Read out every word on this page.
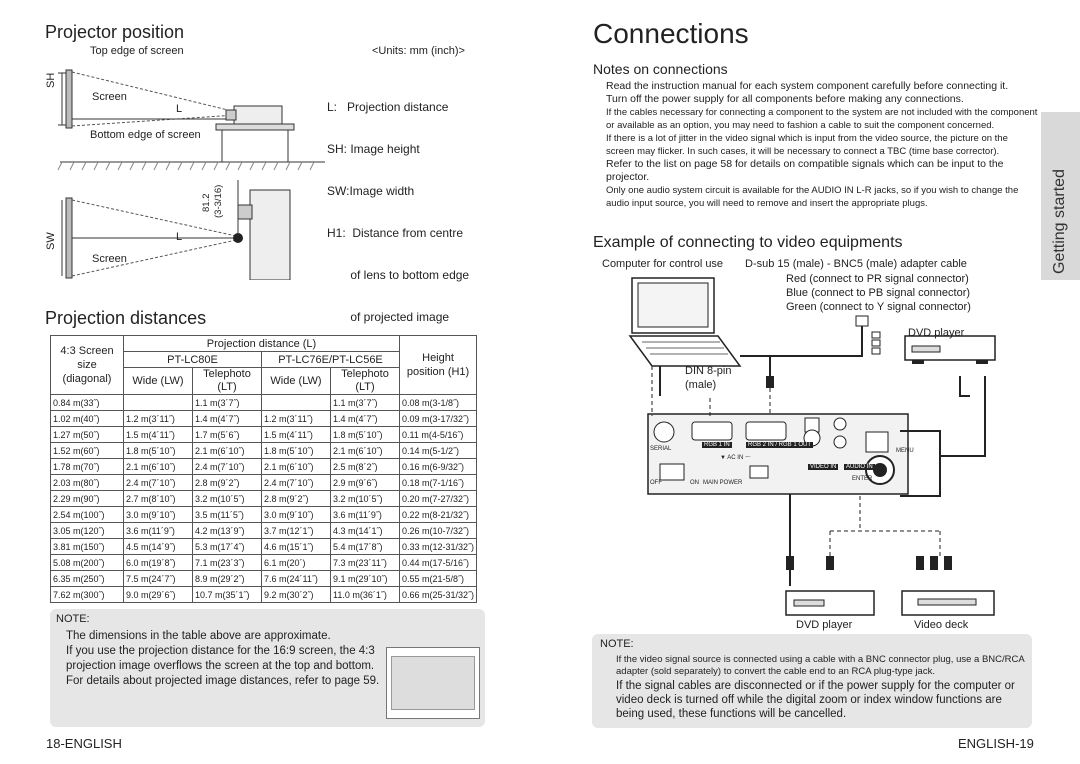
Projector position
<Units: mm (inch)>
Top edge of screen
Screen
Bottom edge of screen
SH
L
SW
Screen
L
81.2 (3-3/16)

L:   Projection distance

SH: Image height

SW:Image width

H1:  Distance from centre

of lens to bottom edge

of projected image

Projection distances
4:3 Screen size (diagonal)	Projection distance (L)				Height position (H1)
	PT-LC80E		PT-LC76E/PT-LC56E		
	Wide (LW)	Telephoto (LT)	Wide (LW)	Telephoto (LT)	
0.84 m(33˝)		1.1 m(3´7˝)		1.1 m(3´7˝)	0.08 m(3-1/8˝)
1.02 m(40˝)	1.2 m(3´11˝)	1.4 m(4´7˝)	1.2 m(3´11˝)	1.4 m(4´7˝)	0.09 m(3-17/32˝)
1.27 m(50˝)	1.5 m(4´11˝)	1.7 m(5´6˝)	1.5 m(4´11˝)	1.8 m(5´10˝)	0.11 m(4-5/16˝)
1.52 m(60˝)	1.8 m(5´10˝)	2.1 m(6´10˝)	1.8 m(5´10˝)	2.1 m(6´10˝)	0.14 m(5-1/2˝)
1.78 m(70˝)	2.1 m(6´10˝)	2.4 m(7´10˝)	2.1 m(6´10˝)	2.5 m(8´2˝)	0.16 m(6-9/32˝)
2.03 m(80˝)	2.4 m(7´10˝)	2.8 m(9´2˝)	2.4 m(7´10˝)	2.9 m(9´6˝)	0.18 m(7-1/16˝)
2.29 m(90˝)	2.7 m(8´10˝)	3.2 m(10´5˝)	2.8 m(9´2˝)	3.2 m(10´5˝)	0.20 m(7-27/32˝)
2.54 m(100˝)	3.0 m(9´10˝)	3.5 m(11´5˝)	3.0 m(9´10˝)	3.6 m(11´9˝)	0.22 m(8-21/32˝)
3.05 m(120˝)	3.6 m(11´9˝)	4.2 m(13´9˝)	3.7 m(12´1˝)	4.3 m(14´1˝)	0.26 m(10-7/32˝)
3.81 m(150˝)	4.5 m(14´9˝)	5.3 m(17´4˝)	4.6 m(15´1˝)	5.4 m(17´8˝)	0.33 m(12-31/32˝)
5.08 m(200˝)	6.0 m(19´8˝)	7.1 m(23´3˝)	6.1 m(20´)	7.3 m(23´11˝)	0.44 m(17-5/16˝)
6.35 m(250˝)	7.5 m(24´7˝)	8.9 m(29´2˝)	7.6 m(24´11˝)	9.1 m(29´10˝)	0.55 m(21-5/8˝)
7.62 m(300˝)	9.0 m(29´6˝)	10.7 m(35´1˝)	9.2 m(30´2˝)	11.0 m(36´1˝)	0.66 m(25-31/32˝)
NOTE:
The dimensions in the table above are approximate.
If you use the projection distance for the 16:9 screen, the 4:3 projection image overflows the screen at the top and bottom.
For details about projected image distances, refer to page 59.
18-ENGLISH
Connections
Notes on connections
Read the instruction manual for each system component carefully before connecting it.
Turn off the power supply for all components before making any connections.
If the cables necessary for connecting a component to the system are not included with the component or available as an option, you may need to fashion a cable to suit the component concerned.
If there is a lot of jitter in the video signal which is input from the video source, the picture on the screen may flicker. In such cases, it will be necessary to connect a TBC (time base corrector).
Refer to the list on page 58 for details on compatible signals which can be input to the projector.
Only one audio system circuit is available for the AUDIO IN L-R jacks, so if you wish to change the audio input source, you will need to remove and insert the appropriate plugs.	Getting started
Example of connecting to video equipments
Computer for control use D-sub 15 (male) - BNC5 (male) adapter cable
Red (connect to PR signal connector)
Blue (connect to PB signal connector)
Green (connect to Y signal connector)
DVD player
DIN 8-pin
(male)
SERIAL
RGB 1 IN	RGB 2 IN / RGB 1 OUT
▼ AC IN ～
VIDEO IN	AUDIO IN
OFF	ON MAIN POWER
MENU
ENTER
DVD player	Video deck
NOTE:
If the video signal source is connected using a cable with a BNC connector plug, use a BNC/RCA adapter (sold separately) to convert the cable end to an RCA plug-type jack.
If the signal cables are disconnected or if the power supply for the computer or video deck is turned off while the digital zoom or index window functions are being used, these functions will be cancelled.
ENGLISH-19
